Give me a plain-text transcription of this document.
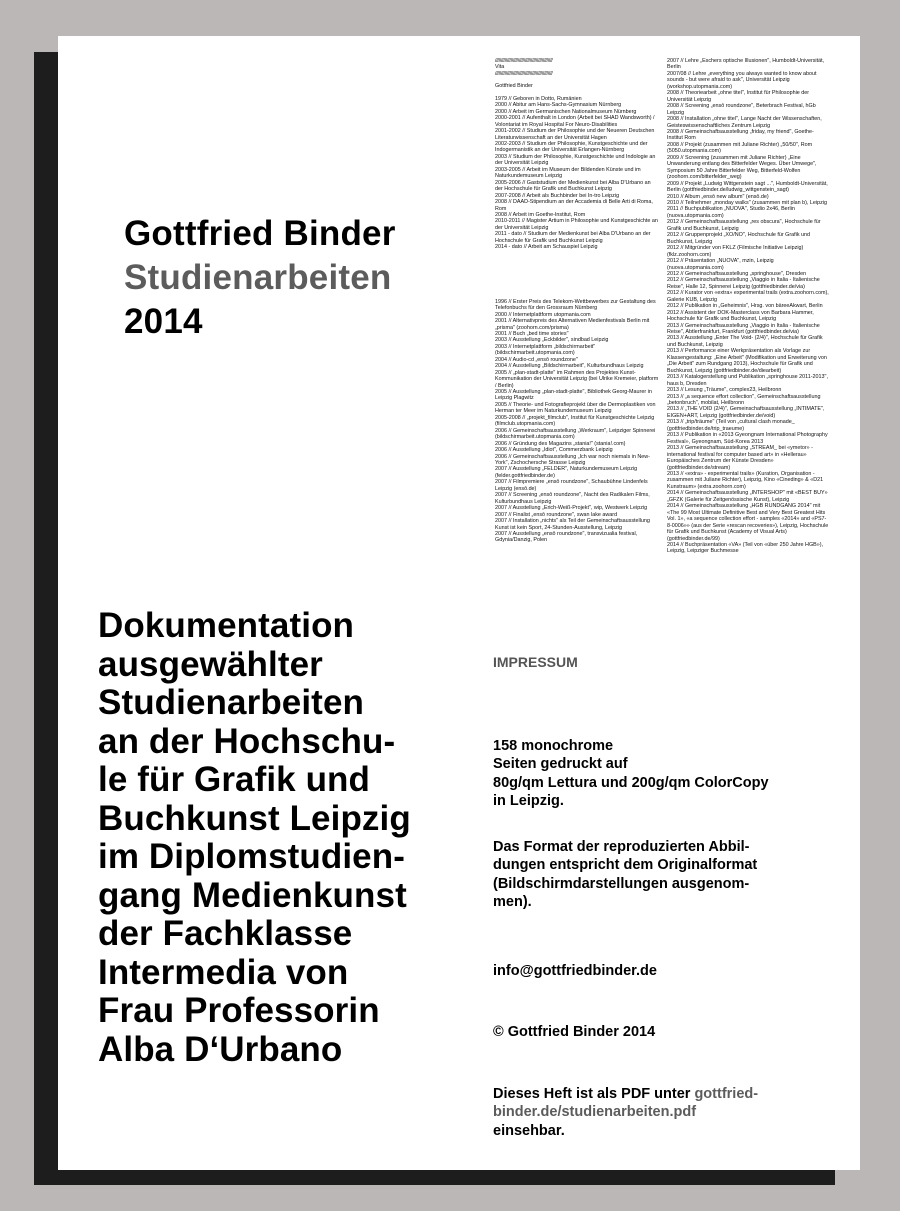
Gottfried Binder
Studienarbeiten
2014

////////////////////////////////////////////////

Vita

////////////////////////////////////////////////

Gottfried Binder

1979 // Geboren in Dotto, Rumänien

2000 // Abitur am Hans-Sachs-Gymnasium Nürnberg

2000 // Arbeit im Germanischen Nationalmuseum Nürnberg

2000-2001 // Aufenthalt in London (Arbeit bei SHAD Wandsworth) / Volontariat im Royal Hospital For Neuro-Disabilities

2001-2002 // Studium der Philosophie und der Neueren Deutschen Literaturwissenschaft an der Universität Hagen

2002-2003 // Studium der Philosophie, Kunstgeschichte und der Indogermanistik an der Universität Erlangen-Nürnberg

2003 // Studium der Philosophie, Kunstgeschichte und Indologie an der Universität Leipzig

2003-2005 // Arbeit im Museum der Bildenden Künste und im Naturkundemuseum Leipzig

2005-2006 // Gaststudium der Medienkunst bei Alba D'Urbano an der Hochschule für Grafik und Buchkunst Leipzig

2007-2008 // Arbeit als Buchbinder bei In-tro Leipzig

2008 // DAAD-Stipendium an der Accademia di Belle Arti di Roma, Rom

2008 // Arbeit im Goethe-Institut, Rom

2010-2011 // Magister Artium in Philosophie und Kunstgeschichte an der Universität Leipzig

2011 - dato // Studium der Medienkunst bei Alba D'Urbano an der Hochschule für Grafik und Buchkunst Leipzig

2014 - dato // Arbeit am Schauspiel Leipzig

1996 // Erster Preis des Telekom-Wettbewerbes zur Gestaltung des Telefonbuchs für den Grossraum Nürnberg

2000 // Internetplattform utopmania.com

2001 // Alternativpreis des Alternativen Medienfestivals Berlin mit „prisma" (zoohorn.com/prisma)

2001 // Buch „bed time stories"

2003 // Ausstellung „Eckbilder", sindbad Leipzig

2003 // Internetplattform „bildschirmarbeit" (bildschirmarbeit.utopmania.com)

2004 // Audio-cd „ensō roundzone"

2004 // Ausstellung „Bildschirmarbeit", Kulturbundhaus Leipzig

2005 // „plan-stadt-platte" im Rahmen des Projektes Kunst-Kommunikation der Universität Leipzig (bei Ulrike Kremeier, platform / Berlin)

2005 // Ausstellung „plan-stadt-platte", Bibliothek Georg-Maurer in Leipzig Plagwitz

2005 // Theorie- und Fotografieprojekt über die Dermoplastiken von Herman ter Meer im Naturkundemuseum Leipzig

2005-2008 // „projekt_filmclub", Institut für Kunstgeschichte Leipzig (filmclub.utopmania.com)

2006 // Gemeinschaftsausstellung „Werkraum", Leipziger Spinnerei (bildschirmarbeit.utopmania.com)

2006 // Gründung des Magazins „stania!" (stania!.com)

2006 // Ausstellung „Idiot", Commerzbank Leipzig

2006 // Gemeinschaftsausstellung „Ich war noch niemals in New-York", Zschochersche Strasse Leipzig

2007 // Ausstellung „FELDER", Naturkundemuseum Leipzig (felder.gottfriedbinder.de)

2007 // Filmpremiere „ensō roundzone", Schaubühne Lindenfels Leipzig (ensō.de)

2007 // Screening „ensō roundzone", Nacht des Radikalen Films, Kulturbundhaus Leipzig

2007 // Ausstellung „Erich-Weiß-Projekt", wip, Westwerk Leipzig

2007 // Finalist „ensō roundzone", swan lake award

2007 // Installation „nichts" als Teil der Gemeinschaftsausstellung Kunst ist kein Sport, 24-Stunden-Ausstellung, Leipzig

2007 // Ausstellung „ensō roundzone", transvizualia festival, Gdynia/Danzig, Polen

2007 // Lehre „Eschers optische Illusionen", Humboldt-Universität, Berlin

2007/08 // Lehre „everything you always wanted to know about sounds - but were afraid to ask", Universität Leipzig (workshop.utopmania.com)

2008 // Theoriearbeit „ohne titel", Institut für Philosophie der Universität Leipzig

2008 // Screening „ensō roundzone", Beterbrach Festival, hGb Leipzig

2008 // Installation „ohne titel", Lange Nacht der Wissenschaften, Geisteswissenschaftliches Zentrum Leipzig

2008 // Gemeinschaftsausstellung „friday, my friend", Goethe-Institut Rom

2008 // Projekt (zusammen mit Juliane Richter) „50/50", Rom (5050.utopmania.com)

2009 // Screening (zusammen mit Juliane Richter) „Eine Unwanderung entlang des Bitterfelder Weges. Über Umwege", Symposium 50 Jahre Bitterfelder Weg, Bitterfeld-Wolfen (zoohorn.com/bitterfelder_weg)

2009 // Projekt „Ludwig Wittgenstein sagt ...", Humboldt-Universität, Berlin (gottfriedbinder.de/ludwig_wittgenstein_sagt)

2010 // Album „ensō new album" (ensō.de)

2010 // Teilnehmer „monday walks" (zusammen mit plan b), Leipzig

2011 // Buchpublikation „NUOVA", Studio 2x46, Berlin (nuova.utopmania.com)

2012 // Gemeinschaftsausstellung „res obscura", Hochschule für Grafik und Buchkunst, Leipzig

2012 // Gruppenprojekt „XO/NO", Hochschule für Grafik und Buchkunst, Leipzig

2012 // Mitgründer von FKLZ (Filmische Initiative Leipzig) (fklz.zoohorn.com)

2012 // Präsentation „NUOVA", mzin, Leipzig (nuova.utopmania.com)

2012 // Gemeinschaftsausstellung „springhouse", Dresden

2012 // Gemeinschaftsausstellung „Viaggio in Italia - Italienische Reise", Halle 12, Spinnerei Leipzig (gottfriedbinder.de/via)

2012 // Kurator von «extra» experimental trails (extra.zoohorn.com), Galerie KUB, Leipzig

2012 // Publikation in „Geheimnis", Hrsg. von bäreeAkwart, Berlin

2012 // Assistent der DOK-Masterclass von Barbara Hammer, Hochschule für Grafik und Buchkunst, Leipzig

2013 // Gemeinschaftsausstellung „Viaggio in Italia - Italienische Reise", Abtlerfrankfurt, Frankfurt (gottfriedbinder.de/via)

2013 // Ausstellung „Enter The Void- (2/4)", Hochschule für Grafik und Buchkunst, Leipzig

2013 // Performance einer Werkpräsentation als Vorlage zur Klassengestaltung: „Eine Arbeit" (Modifikation und Erweiterung von „Die Arbeit" zum Rundgang 2013), Hochschule für Grafik und Buchkunst, Leipzig (gottfriedbinder.de/diearbeit)

2013 // Katalogerstellung und Publikation „springhouse 2011-2013", haus b, Dresden

2013 // Lesung „Träume", complex23, Heilbronn

2013 // „a sequence effort collection", Gemeinschaftsausstellung „betonbruch", mobilat, Heilbronn

2013 // „THE VOID (2/4)", Gemeinschaftsausstellung „INTIMATE", EIGEN+ART, Leipzig (gottfriedbinder.de/void)

2013 // „trip/träume" (Teil von „cultural clash monade_ (gottfriedbinder.de/trip_traeume)

2013 // Publikation in «2013 Gyeongnam International Photography Festival», Gyeongnam, Süd-Korea 2013

2013 // Gemeinschaftsausstellung „STREAM_ bei «ymetor» - international festival for computer based art» in «Hellerau» Europäisches Zentrum der Künste Dresden» (gottfriedbinder.de/stream)

2013 // «extra» - experimental trails» (Kuration, Organisation - zusammen mit Juliane Richter), Leipzig, Kino «Cineding» & «D21 Kunstraum» (extra.zoohorn.com)

2014 // Gemeinschaftsausstellung „INTERSHOP" mit «BEST BUY» „GFZK (Galerie für Zeitgenössische Kunst), Leipzig

2014 // Gemeinschaftsausstellung „HGB RUNDGANG 2014" mit «The 99 Most Ultimate Definitive Best and Very Best Greatest Hits Vol. 1», «a sequence collection effort - samples «2014» and «PS7-8-0006»» (aus der Serie «rescan recoveries»), Leipzig, Hochschule für Grafik und Buchkunst (Academy of Visual Arts) (gottfriedbinder.de/99)

2014 // Buchpräsentation «VA» (Teil von «über 250 Jahre HGB»), Leipzig, Leipziger Buchmesse

Dokumentation
ausgewählter
Studienarbeiten
an der Hochschu-
le für Grafik und
Buchkunst Leipzig
im Diplomstudien-
gang Medienkunst
der Fachklasse
Intermedia von
Frau Professorin
Alba D‘Urbano
IMPRESSUM
158 monochrome
Seiten gedruckt auf
80g/qm Lettura und 200g/qm ColorCopy
in Leipzig.
Das Format der reproduzierten Abbil-
dungen entspricht dem Originalformat
(Bildschirmdarstellungen ausgenom-
men).
info@gottfriedbinder.de
© Gottfried Binder 2014
Dieses Heft ist als PDF unter gottfried-
binder.de/studienarbeiten.pdf
einsehbar.
